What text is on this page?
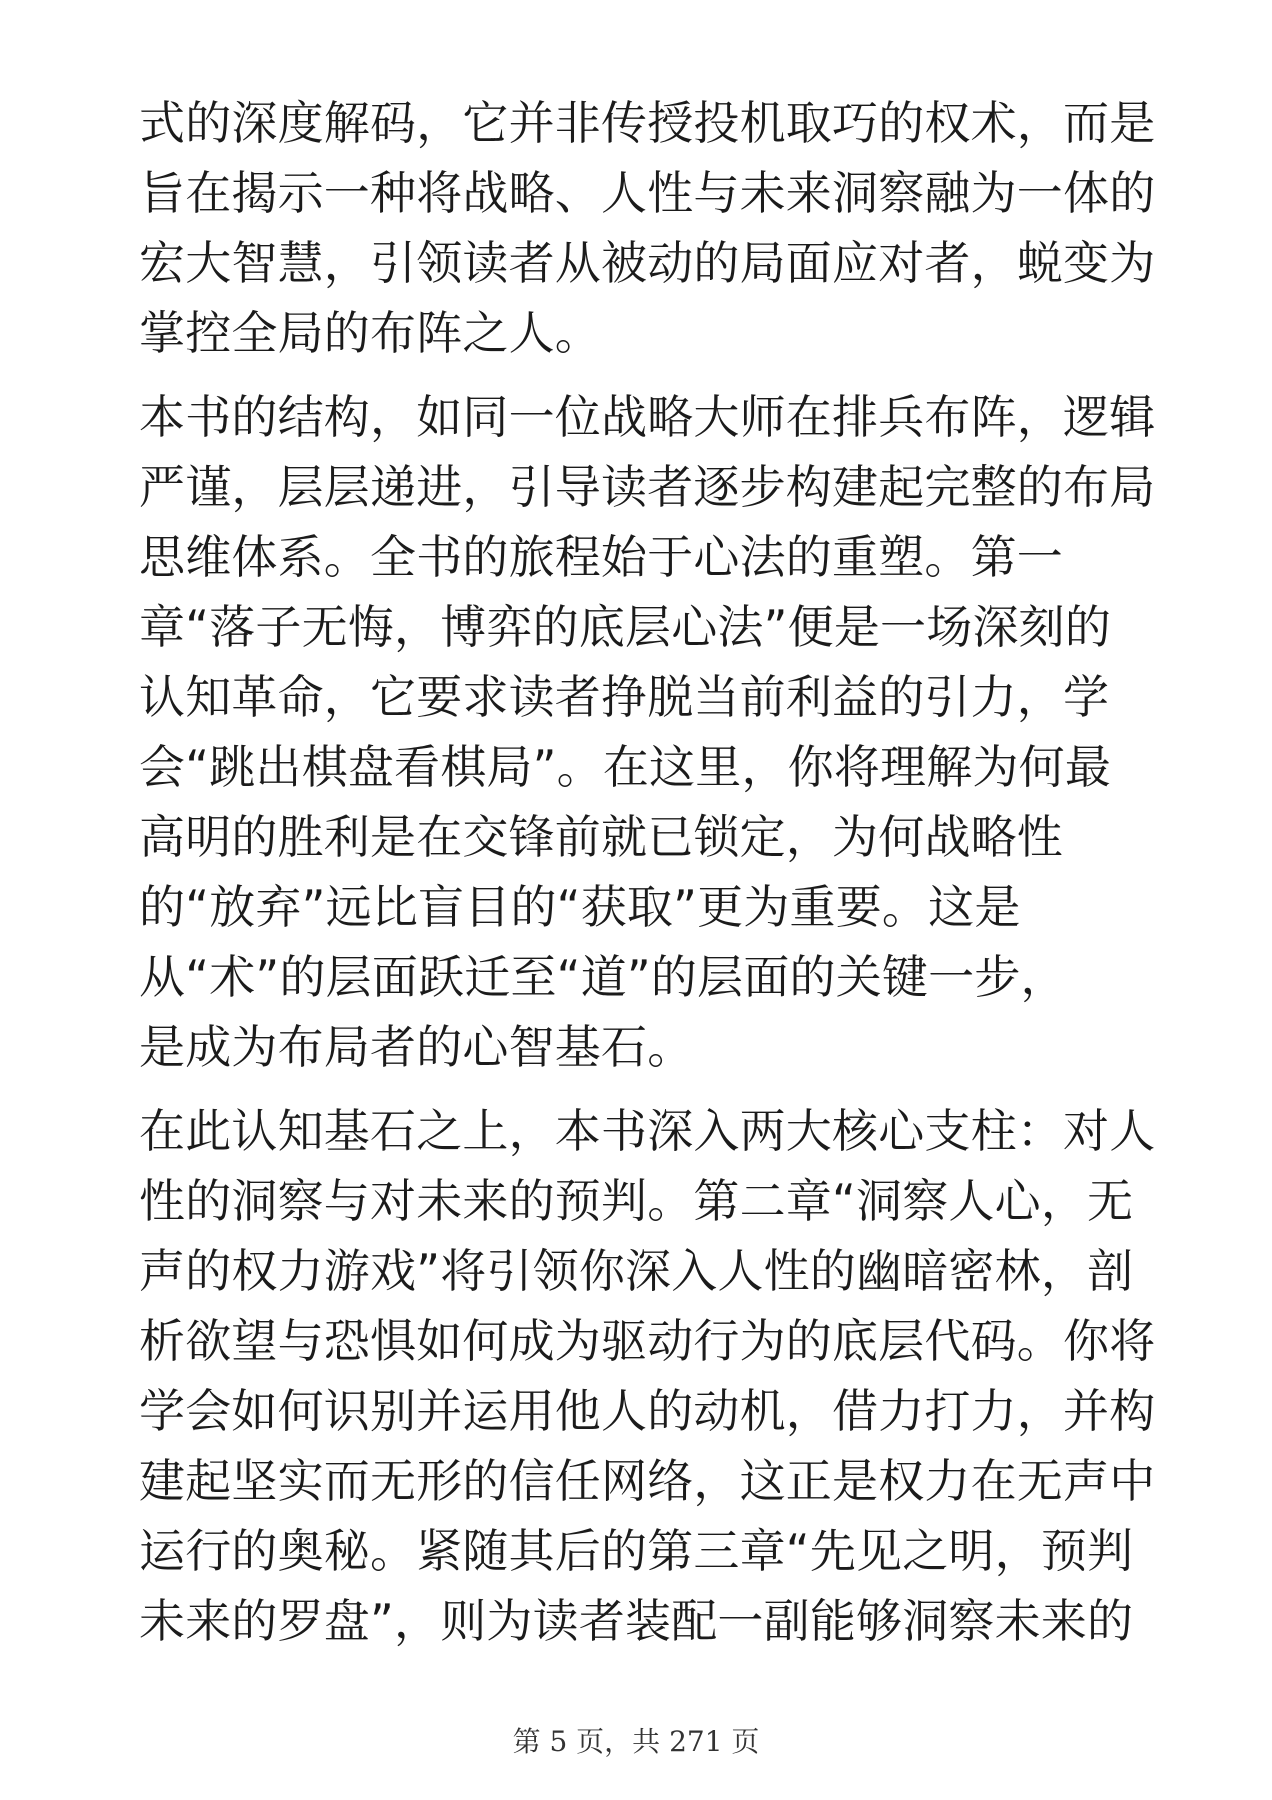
式的深度解码，它并非传授投机取巧的权术，而是
旨在揭示一种将战略、人性与未来洞察融为一体的
宏大智慧，引领读者从被动的局面应对者，蜕变为
掌控全局的布阵之人。
本书的结构，如同一位战略大师在排兵布阵，逻辑
严谨，层层递进，引导读者逐步构建起完整的布局
思维体系。全书的旅程始于心法的重塑。第一
章“落子无悔，博弈的底层心法”便是一场深刻的
认知革命，它要求读者挣脱当前利益的引力，学
会“跳出棋盘看棋局”。在这里，你将理解为何最
高明的胜利是在交锋前就已锁定，为何战略性
的“放弃”远比盲目的“获取”更为重要。这是
从“术”的层面跃迁至“道”的层面的关键一步，
是成为布局者的心智基石。
在此认知基石之上，本书深入两大核心支柱：对人
性的洞察与对未来的预判。第二章“洞察人心，无
声的权力游戏”将引领你深入人性的幽暗密林，剖
析欲望与恐惧如何成为驱动行为的底层代码。你将
学会如何识别并运用他人的动机，借力打力，并构
建起坚实而无形的信任网络，这正是权力在无声中
运行的奥秘。紧随其后的第三章“先见之明，预判
未来的罗盘”，则为读者装配一副能够洞察未来的
第 5 页，共 271 页
